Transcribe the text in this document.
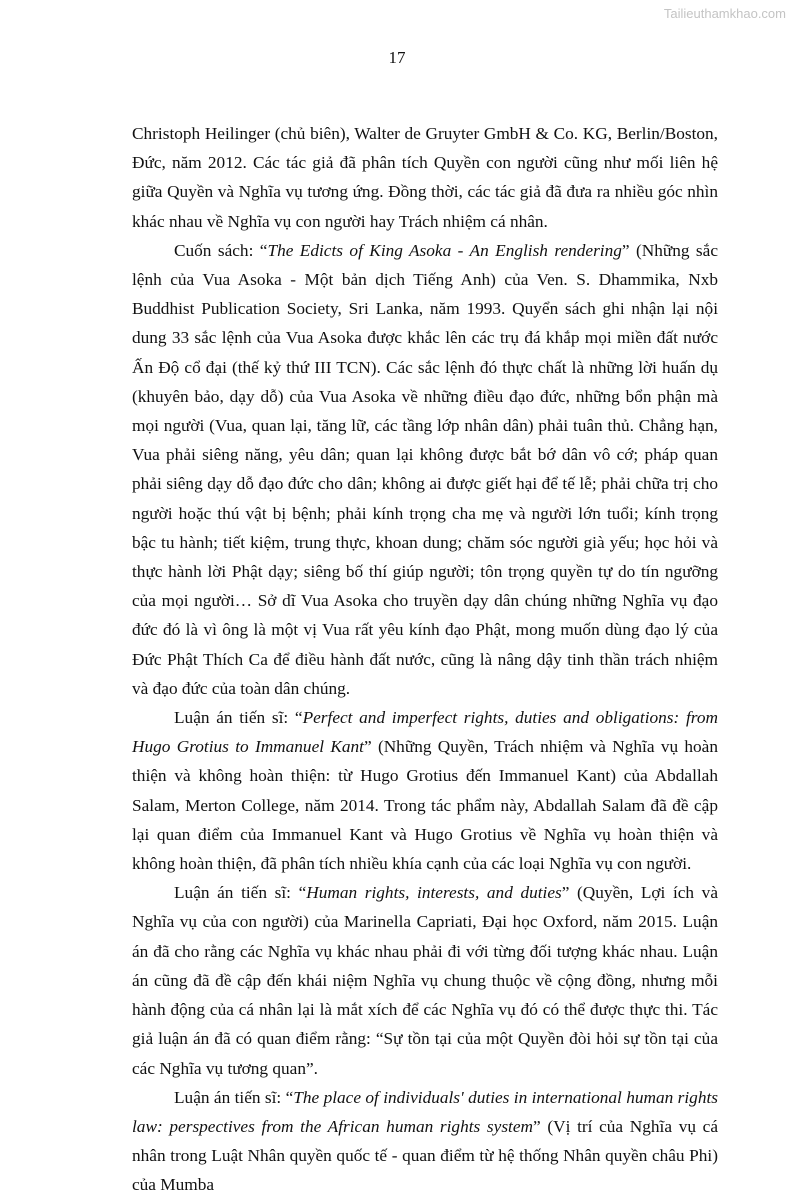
Tailieuthamkhao.com
17

Christoph Heilinger (chủ biên), Walter de Gruyter GmbH & Co. KG, Berlin/Boston, Đức, năm 2012. Các tác giả đã phân tích Quyền con người cũng như mối liên hệ giữa Quyền và Nghĩa vụ tương ứng. Đồng thời, các tác giả đã đưa ra nhiều góc nhìn khác nhau về Nghĩa vụ con người hay Trách nhiệm cá nhân.

Cuốn sách: “The Edicts of King Asoka - An English rendering” (Những sắc lệnh của Vua Asoka - Một bản dịch Tiếng Anh) của Ven. S. Dhammika, Nxb Buddhist Publication Society, Sri Lanka, năm 1993. Quyển sách ghi nhận lại nội dung 33 sắc lệnh của Vua Asoka được khắc lên các trụ đá khắp mọi miền đất nước Ấn Độ cổ đại (thế kỷ thứ III TCN). Các sắc lệnh đó thực chất là những lời huấn dụ (khuyên bảo, dạy dỗ) của Vua Asoka về những điều đạo đức, những bổn phận mà mọi người (Vua, quan lại, tăng lữ, các tầng lớp nhân dân) phải tuân thủ. Chẳng hạn, Vua phải siêng năng, yêu dân; quan lại không được bắt bớ dân vô cớ; pháp quan phải siêng dạy dỗ đạo đức cho dân; không ai được giết hại để tế lễ; phải chữa trị cho người hoặc thú vật bị bệnh; phải kính trọng cha mẹ và người lớn tuổi; kính trọng bậc tu hành; tiết kiệm, trung thực, khoan dung; chăm sóc người già yếu; học hỏi và thực hành lời Phật dạy; siêng bố thí giúp người; tôn trọng quyền tự do tín ngưỡng của mọi người… Sở dĩ Vua Asoka cho truyền dạy dân chúng những Nghĩa vụ đạo đức đó là vì ông là một vị Vua rất yêu kính đạo Phật, mong muốn dùng đạo lý của Đức Phật Thích Ca để điều hành đất nước, cũng là nâng dậy tinh thần trách nhiệm và đạo đức của toàn dân chúng.

Luận án tiến sĩ: “Perfect and imperfect rights, duties and obligations: from Hugo Grotius to Immanuel Kant” (Những Quyền, Trách nhiệm và Nghĩa vụ hoàn thiện và không hoàn thiện: từ Hugo Grotius đến Immanuel Kant) của Abdallah Salam, Merton College, năm 2014. Trong tác phẩm này, Abdallah Salam đã đề cập lại quan điểm của Immanuel Kant và Hugo Grotius về Nghĩa vụ hoàn thiện và không hoàn thiện, đã phân tích nhiều khía cạnh của các loại Nghĩa vụ con người.

Luận án tiến sĩ: “Human rights, interests, and duties” (Quyền, Lợi ích và Nghĩa vụ của con người) của Marinella Capriati, Đại học Oxford, năm 2015. Luận án đã cho rằng các Nghĩa vụ khác nhau phải đi với từng đối tượng khác nhau. Luận án cũng đã đề cập đến khái niệm Nghĩa vụ chung thuộc về cộng đồng, nhưng mỗi hành động của cá nhân lại là mắt xích để các Nghĩa vụ đó có thể được thực thi. Tác giả luận án đã có quan điểm rằng: “Sự tồn tại của một Quyền đòi hỏi sự tồn tại của các Nghĩa vụ tương quan”.

Luận án tiến sĩ: “The place of individuals' duties in international human rights law: perspectives from the African human rights system” (Vị trí của Nghĩa vụ cá nhân trong Luật Nhân quyền quốc tế - quan điểm từ hệ thống Nhân quyền châu Phi) của Mumba
